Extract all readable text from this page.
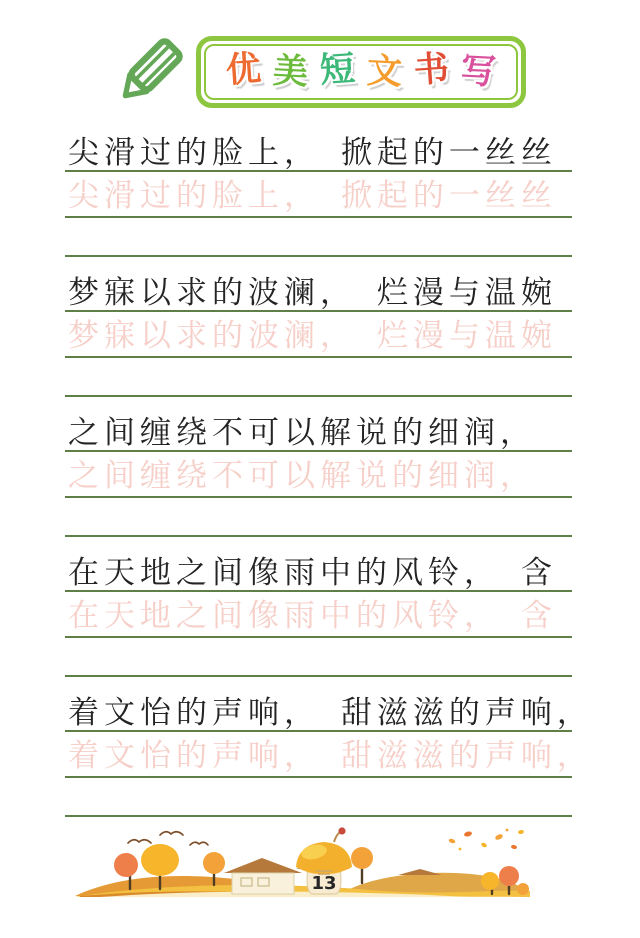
优 美 短 文 书 写
尖滑过的脸上， 掀起的一丝丝
尖滑过的脸上， 掀起的一丝丝
梦寐以求的波澜， 烂漫与温婉
梦寐以求的波澜， 烂漫与温婉
之间缠绕不可以解说的细润，
之间缠绕不可以解说的细润，
在天地之间像雨中的风铃， 含
在天地之间像雨中的风铃， 含
着文怡的声响， 甜滋滋的声响，
着文怡的声响， 甜滋滋的声响，
13
